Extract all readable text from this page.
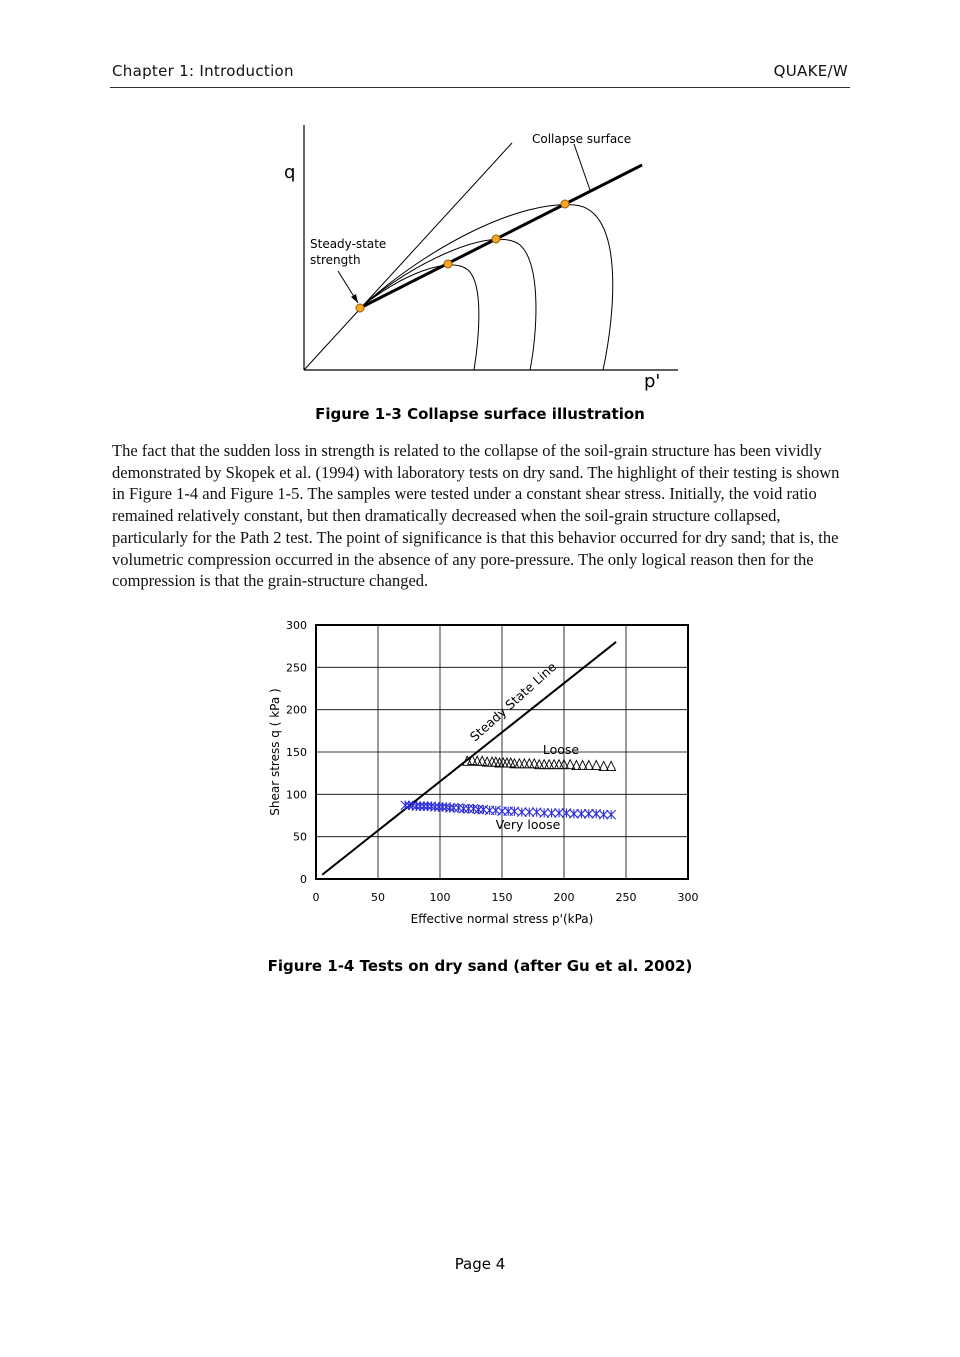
Chapter 1: Introduction	QUAKE/W
q
p'
Collapse surface
Steady-state
strength
Figure 1-3 Collapse surface illustration

The fact that the sudden loss in strength is related to the collapse of the soil-grain structure has been vividly demonstrated by Skopek et al. (1994) with laboratory tests on dry sand. The highlight of their testing is shown in Figure 1-4 and Figure 1-5. The samples were tested under a constant shear stress. Initially, the void ratio remained relatively constant, but then dramatically decreased when the soil-grain structure collapsed, particularly for the Path 2 test. The point of significance is that this behavior occurred for dry sand; that is, the volumetric compression occurred in the absence of any pore-pressure. The only logical reason then for the compression is that the grain-structure changed.

0	50	100	150	200	250	300
0
50
100
150
200
250
300
Effective normal stress p'(kPa)
Shear stress q ( kPa )	Steady State Line
Loose
Very loose
Figure 1-4 Tests on dry sand (after Gu et al. 2002)
Page 4
